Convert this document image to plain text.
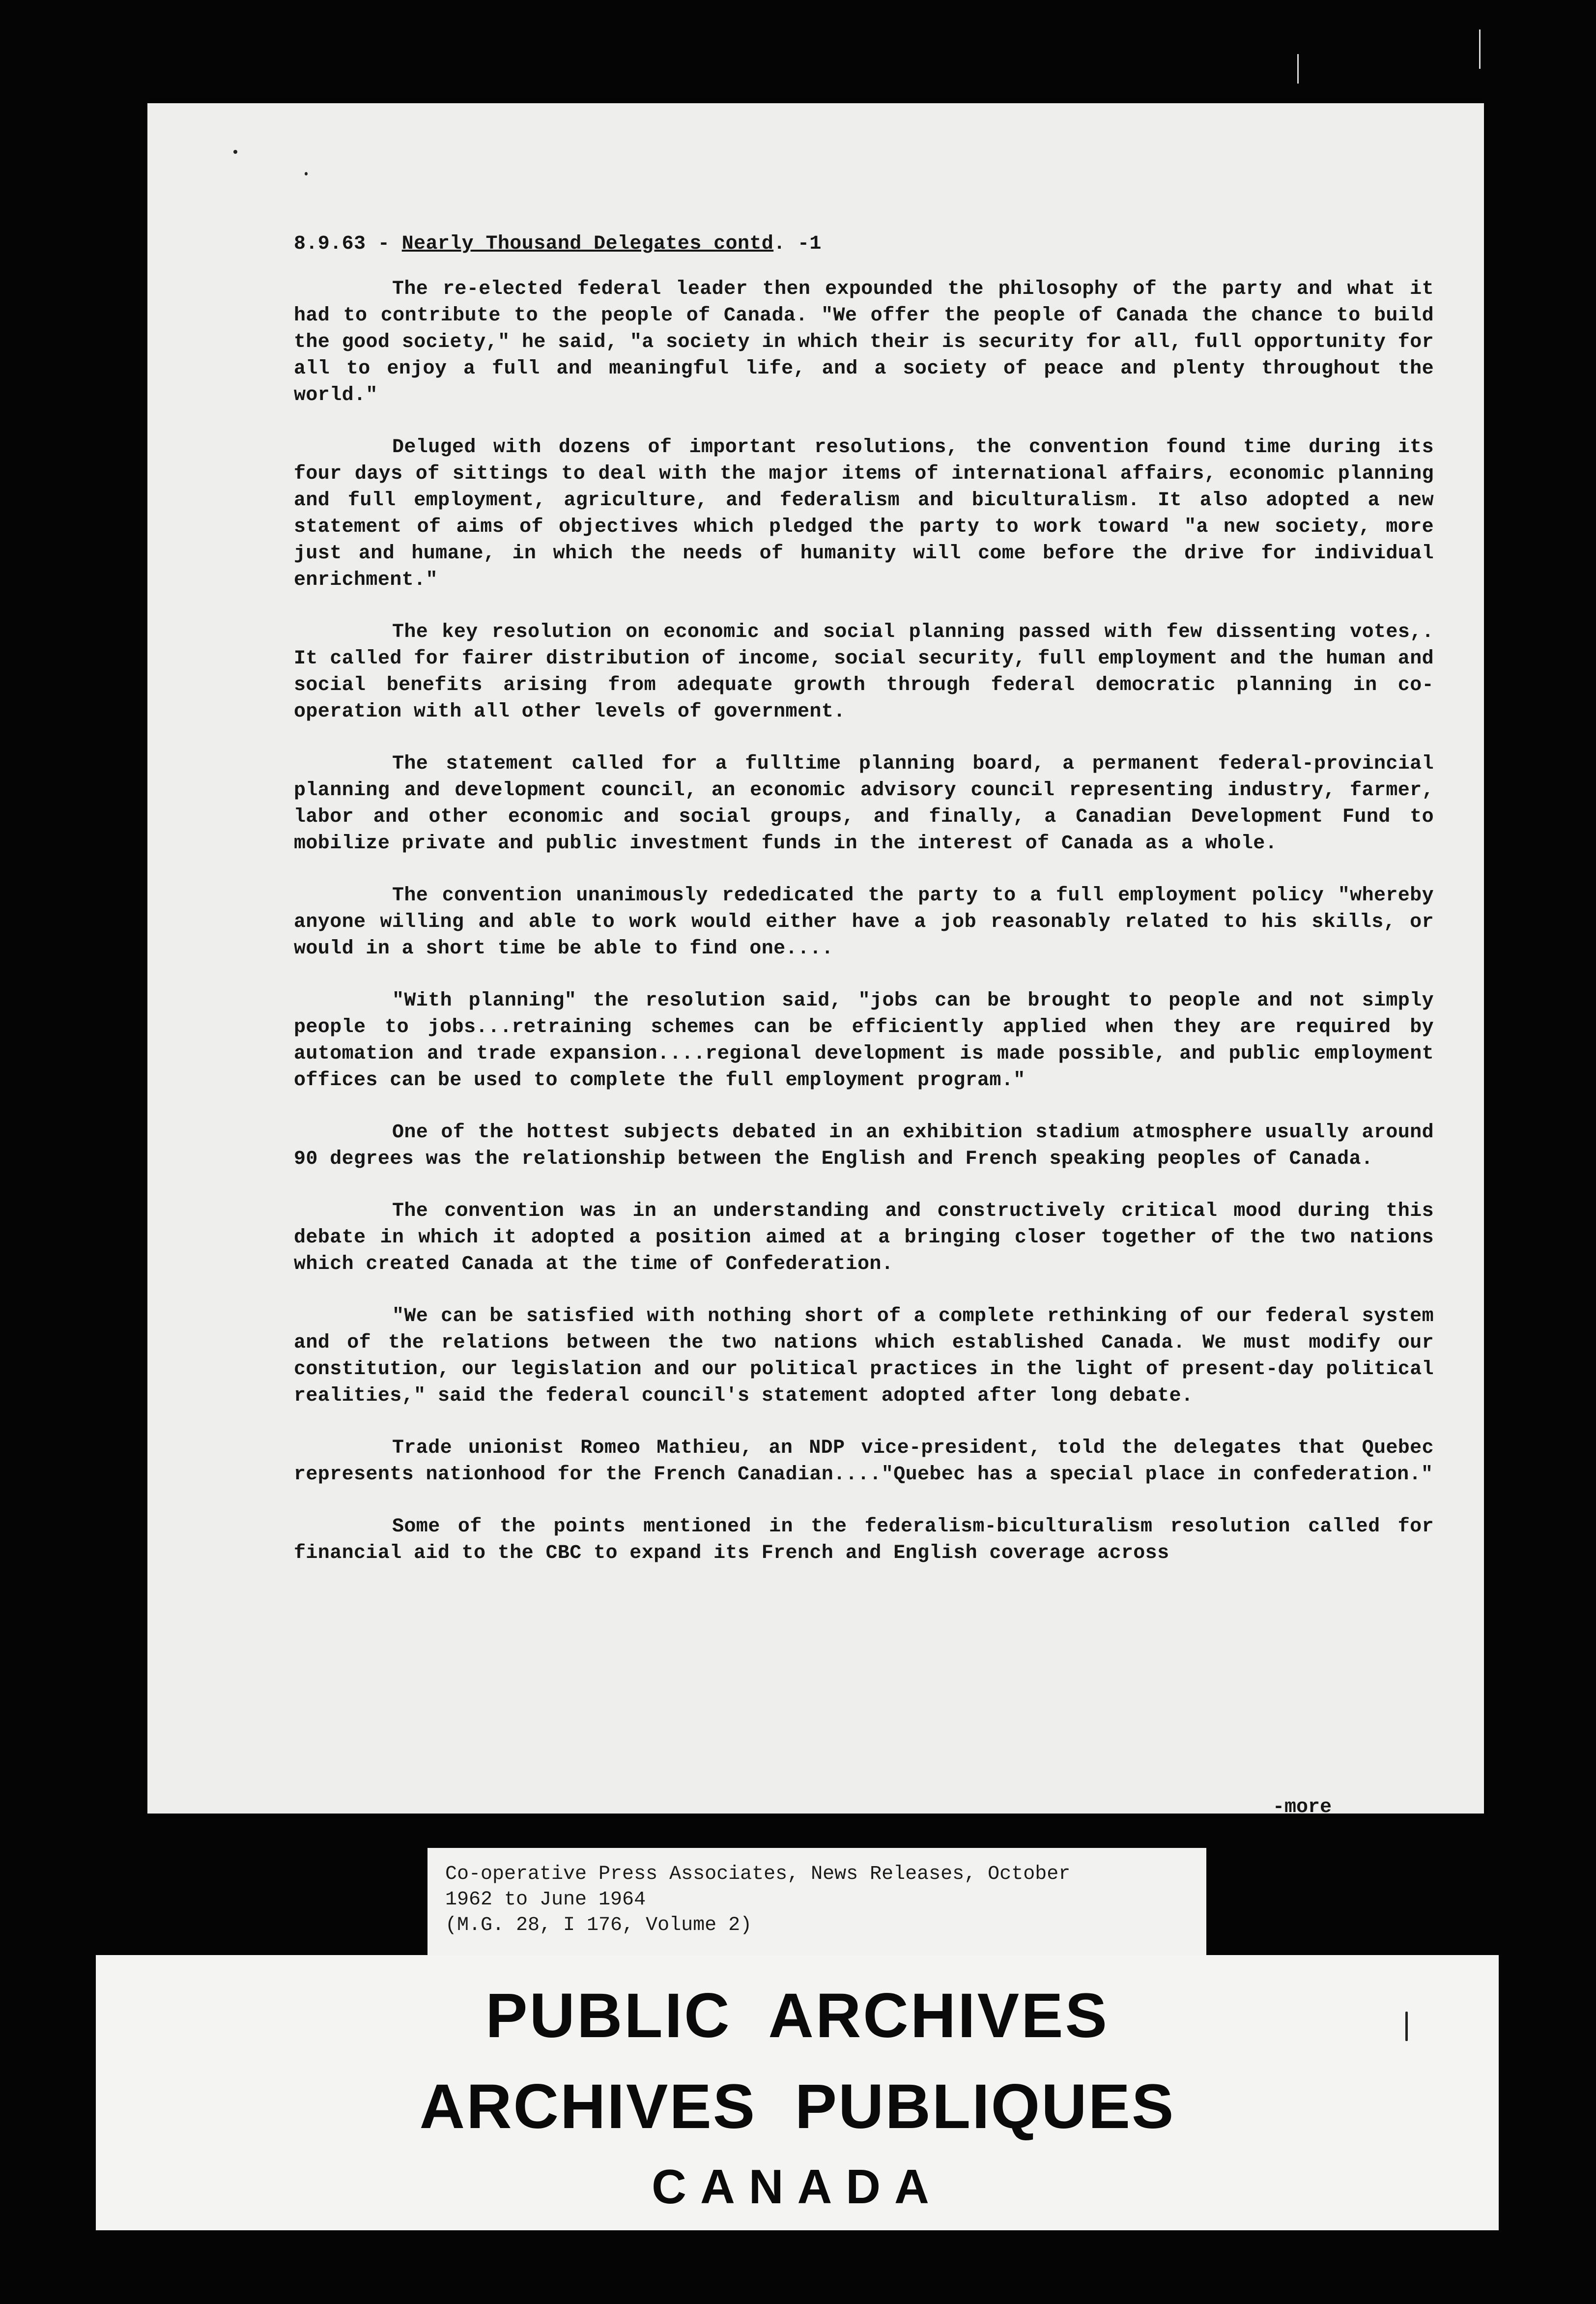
8.9.63 - Nearly Thousand Delegates contd. -1

The re-elected federal leader then expounded the philosophy of the party and what it had to contribute to the people of Canada. "We offer the people of Canada the chance to build the good society," he said, "a society in which their is security for all, full opportunity for all to enjoy a full and meaningful life, and a society of peace and plenty throughout the world."

Deluged with dozens of important resolutions, the convention found time during its four days of sittings to deal with the major items of international affairs, economic planning and full employment, agriculture, and federalism and biculturalism. It also adopted a new statement of aims of objectives which pledged the party to work toward "a new society, more just and humane, in which the needs of humanity will come before the drive for individual enrichment."

The key resolution on economic and social planning passed with few dissenting votes,. It called for fairer distribution of income, social security, full employment and the human and social benefits arising from adequate growth through federal democratic planning in co-operation with all other levels of government.

The statement called for a fulltime planning board, a permanent federal-provincial planning and development council, an economic advisory council representing industry, farmer, labor and other economic and social groups, and finally, a Canadian Development Fund to mobilize private and public investment funds in the interest of Canada as a whole.

The convention unanimously rededicated the party to a full employment policy "whereby anyone willing and able to work would either have a job reasonably related to his skills, or would in a short time be able to find one....

"With planning" the resolution said, "jobs can be brought to people and not simply people to jobs...retraining schemes can be efficiently applied when they are required by automation and trade expansion....regional development is made possible, and public employment offices can be used to complete the full employment program."

One of the hottest subjects debated in an exhibition stadium atmosphere usually around 90 degrees was the relationship between the English and French speaking peoples of Canada.

The convention was in an understanding and constructively critical mood during this debate in which it adopted a position aimed at a bringing closer together of the two nations which created Canada at the time of Confederation.

"We can be satisfied with nothing short of a complete rethinking of our federal system and of the relations between the two nations which established Canada. We must modify our constitution, our legislation and our political practices in the light of present-day political realities," said the federal council's statement adopted after long debate.

Trade unionist Romeo Mathieu, an NDP vice-president, told the delegates that Quebec represents nationhood for the French Canadian...."Quebec has a special place in confederation."

Some of the points mentioned in the federalism-biculturalism resolution called for financial aid to the CBC to expand its French and English coverage across

-more
Co-operative Press Associates, News Releases, October
1962 to June 1964
(M.G. 28, I 176, Volume 2)
PUBLIC ARCHIVES
ARCHIVES PUBLIQUES
CANADA
